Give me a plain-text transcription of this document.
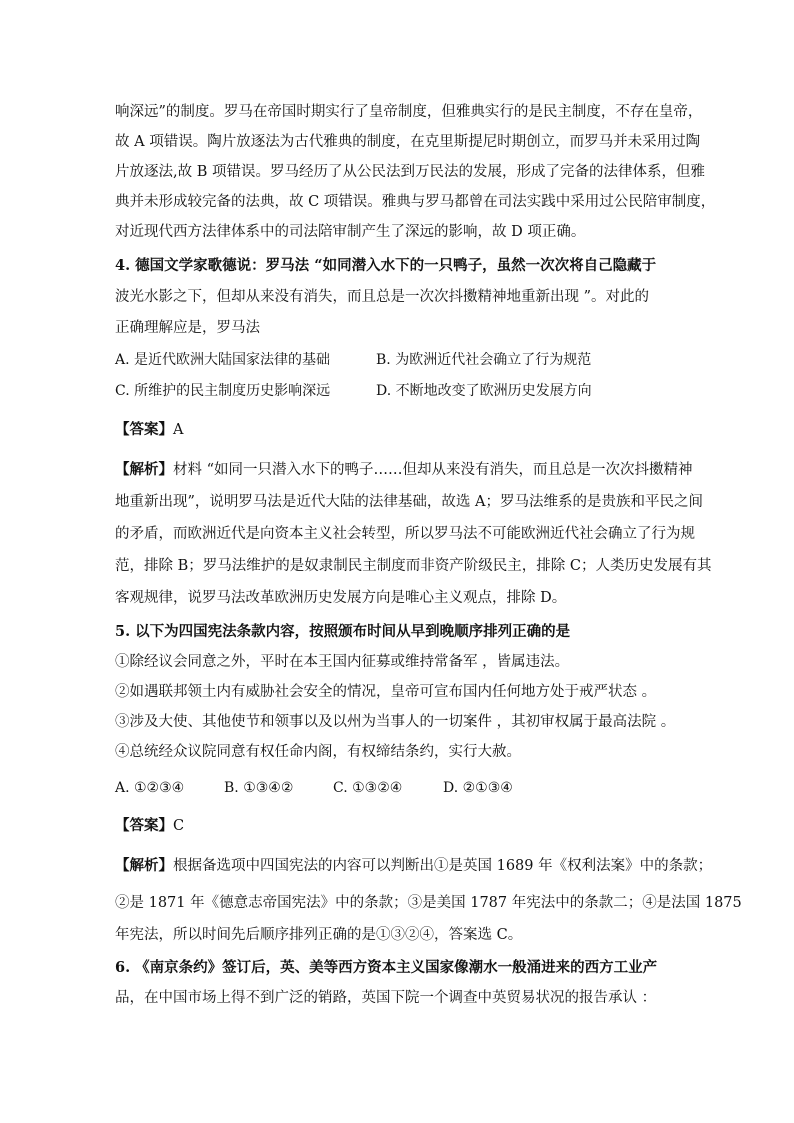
响深远”的制度。罗马在帝国时期实行了皇帝制度，但雅典实行的是民主制度，不存在皇帝，
故 A 项错误。陶片放逐法为古代雅典的制度，在克里斯提尼时期创立，而罗马并未采用过陶
片放逐法,故 B 项错误。罗马经历了从公民法到万民法的发展，形成了完备的法律体系，但雅
典并未形成较完备的法典，故 C 项错误。雅典与罗马都曾在司法实践中采用过公民陪审制度，
对近现代西方法律体系中的司法陪审制产生了深远的影响，故 D 项正确。
4. 德国文学家歌德说：罗马法 “如同潜入水下的一只鸭子，虽然一次次将自己隐藏于
波光水影之下，但却从来没有消失，而且总是一次次抖擞精神地重新出现 ”。对此的
正确理解应是，罗马法
A. 是近代欧洲大陆国家法律的基础	B. 为欧洲近代社会确立了行为规范
C. 所维护的民主制度历史影响深远	D. 不断地改变了欧洲历史发展方向
【答案】A
【解析】材料 “如同一只潜入水下的鸭子……但却从来没有消失，而且总是一次次抖擞精神
地重新出现”，说明罗马法是近代大陆的法律基础，故选 A；罗马法维系的是贵族和平民之间
的矛盾，而欧洲近代是向资本主义社会转型，所以罗马法不可能欧洲近代社会确立了行为规
范，排除 B；罗马法维护的是奴隶制民主制度而非资产阶级民主，排除 C；人类历史发展有其
客观规律，说罗马法改革欧洲历史发展方向是唯心主义观点，排除 D。
5. 以下为四国宪法条款内容，按照颁布时间从早到晚顺序排列正确的是
①除经议会同意之外，平时在本王国内征募或维持常备军 ，皆属违法。
②如遇联邦领土内有威胁社会安全的情况，皇帝可宣布国内任何地方处于戒严状态 。
③涉及大使、其他使节和领事以及以州为当事人的一切案件 ，其初审权属于最高法院 。
④总统经众议院同意有权任命内阁，有权缔结条约，实行大赦。
A. ①②③④	B. ①③④②	C. ①③②④	D. ②①③④
【答案】C
【解析】根据备选项中四国宪法的内容可以判断出①是英国 1689 年《权利法案》中的条款；
②是 1871 年《德意志帝国宪法》中的条款；③是美国 1787 年宪法中的条款二；④是法国 1875
年宪法，所以时间先后顺序排列正确的是①③②④，答案选 C。
6. 《南京条约》签订后，英、美等西方资本主义国家像潮水一般涌进来的西方工业产
品，在中国市场上得不到广泛的销路，英国下院一个调查中英贸易状况的报告承认 ：
